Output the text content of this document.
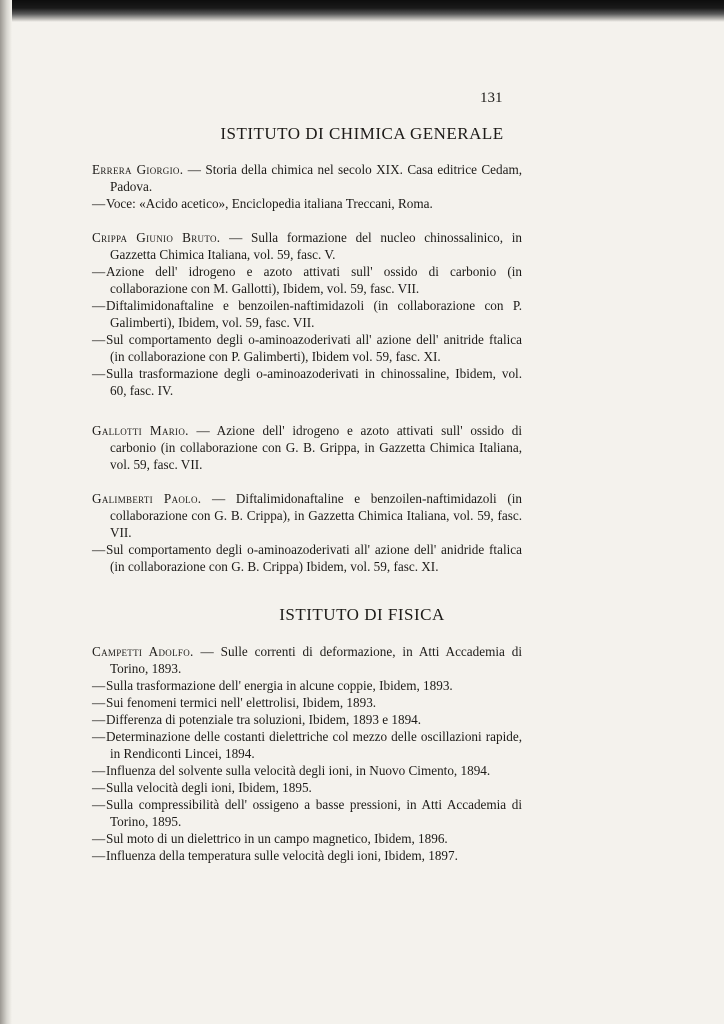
131
ISTITUTO DI CHIMICA GENERALE
Errera Giorgio. — Storia della chimica nel secolo XIX. Casa editrice Cedam, Padova.
—Voce: «Acido acetico», Enciclopedia italiana Treccani, Roma.
Crippa Giunio Bruto. — Sulla formazione del nucleo chinossalinico, in Gazzetta Chimica Italiana, vol. 59, fasc. V.
—Azione dell' idrogeno e azoto attivati sull' ossido di carbonio (in collaborazione con M. Gallotti), Ibidem, vol. 59, fasc. VII.
—Diftalimidonaftaline e benzoilen-naftimidazoli (in collaborazione con P. Galimberti), Ibidem, vol. 59, fasc. VII.
—Sul comportamento degli o-aminoazoderivati all' azione dell' anitride ftalica (in collaborazione con P. Galimberti), Ibidem vol. 59, fasc. XI.
—Sulla trasformazione degli o-aminoazoderivati in chinossaline, Ibidem, vol. 60, fasc. IV.
Gallotti Mario. — Azione dell' idrogeno e azoto attivati sull' ossido di carbonio (in collaborazione con G. B. Grippa, in Gazzetta Chimica Italiana, vol. 59, fasc. VII.
Galimberti Paolo. — Diftalimidonaftaline e benzoilen-naftimidazoli (in collaborazione con G. B. Crippa), in Gazzetta Chimica Italiana, vol. 59, fasc. VII.
—Sul comportamento degli o-aminoazoderivati all' azione dell' anidride ftalica (in collaborazione con G. B. Crippa) Ibidem, vol. 59, fasc. XI.
ISTITUTO DI FISICA
Campetti Adolfo. — Sulle correnti di deformazione, in Atti Accademia di Torino, 1893.
—Sulla trasformazione dell' energia in alcune coppie, Ibidem, 1893.
—Sui fenomeni termici nell' elettrolisi, Ibidem, 1893.
—Differenza di potenziale tra soluzioni, Ibidem, 1893 e 1894.
—Determinazione delle costanti dielettriche col mezzo delle oscillazioni rapide, in Rendiconti Lincei, 1894.
—Influenza del solvente sulla velocità degli ioni, in Nuovo Cimento, 1894.
—Sulla velocità degli ioni, Ibidem, 1895.
—Sulla compressibilità dell' ossigeno a basse pressioni, in Atti Accademia di Torino, 1895.
—Sul moto di un dielettrico in un campo magnetico, Ibidem, 1896.
—Influenza della temperatura sulle velocità degli ioni, Ibidem, 1897.
